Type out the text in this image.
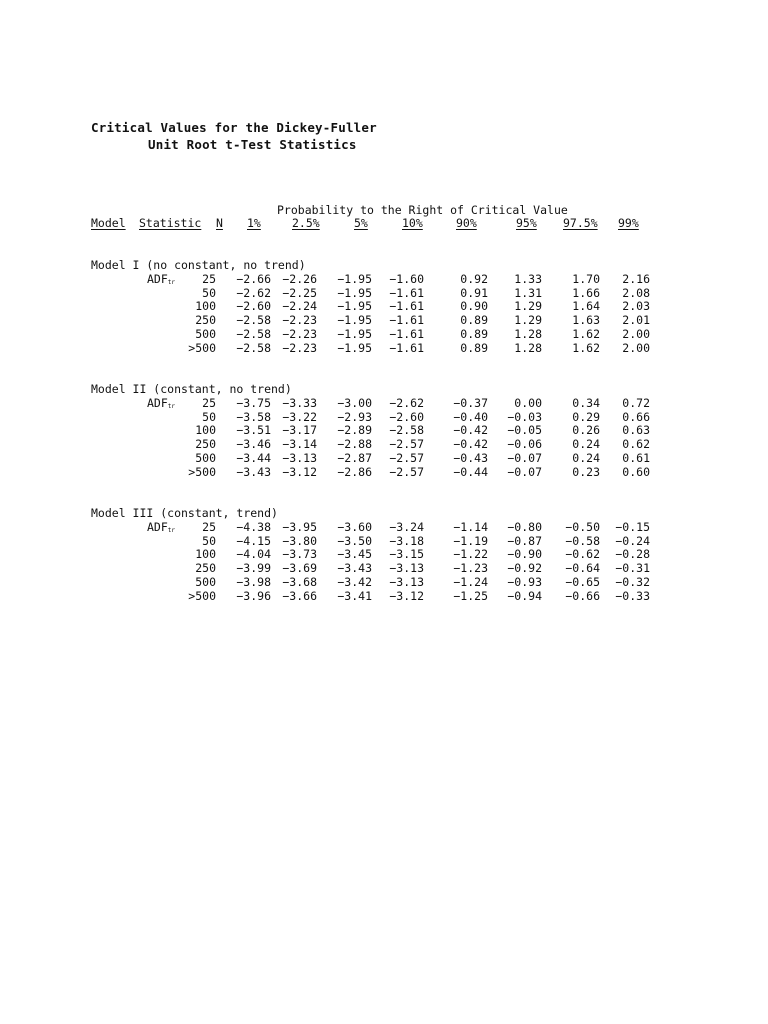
Critical Values for the Dickey-Fuller
Unit Root t-Test Statistics
Probability to the Right of Critical Value
Model Statistic N 1%	2.5%	5%	10%	90%	95% 97.5% 99%
Model I (no constant, no trend)
$ADF_{tr}$ 25 −2.66 −2.26 −1.95 −1.60	0.92 1.33	1.70 2.16
50 −2.62 −2.25 −1.95 −1.61	0.91 1.31	1.66 2.08
100 −2.60 −2.24 −1.95 −1.61	0.90 1.29	1.64 2.03
250 −2.58 −2.23 −1.95 −1.61	0.89 1.29	1.63 2.01
500 −2.58 −2.23 −1.95 −1.61	0.89 1.28	1.62 2.00
>500 −2.58 −2.23 −1.95 −1.61	0.89 1.28	1.62 2.00
Model II (constant, no trend)
$ADF_{tr}$ 25 −3.75 −3.33 −3.00 −2.62	−0.37 0.00	0.34 0.72
50 −3.58 −3.22 −2.93 −2.60	−0.40 −0.03	0.29 0.66
100 −3.51 −3.17 −2.89 −2.58	−0.42 −0.05	0.26 0.63
250 −3.46 −3.14 −2.88 −2.57	−0.42 −0.06	0.24 0.62
500 −3.44 −3.13 −2.87 −2.57	−0.43 −0.07	0.24 0.61
>500 −3.43 −3.12 −2.86 −2.57	−0.44 −0.07	0.23 0.60
Model III (constant, trend)
$ADF_{tr}$ 25 −4.38 −3.95 −3.60 −3.24	−1.14 −0.80 −0.50 −0.15
50 −4.15 −3.80 −3.50 −3.18	−1.19 −0.87 −0.58 −0.24
100 −4.04 −3.73 −3.45 −3.15	−1.22 −0.90 −0.62 −0.28
250 −3.99 −3.69 −3.43 −3.13	−1.23 −0.92 −0.64 −0.31
500 −3.98 −3.68 −3.42 −3.13	−1.24 −0.93 −0.65 −0.32
>500 −3.96 −3.66 −3.41 −3.12	−1.25 −0.94 −0.66 −0.33
